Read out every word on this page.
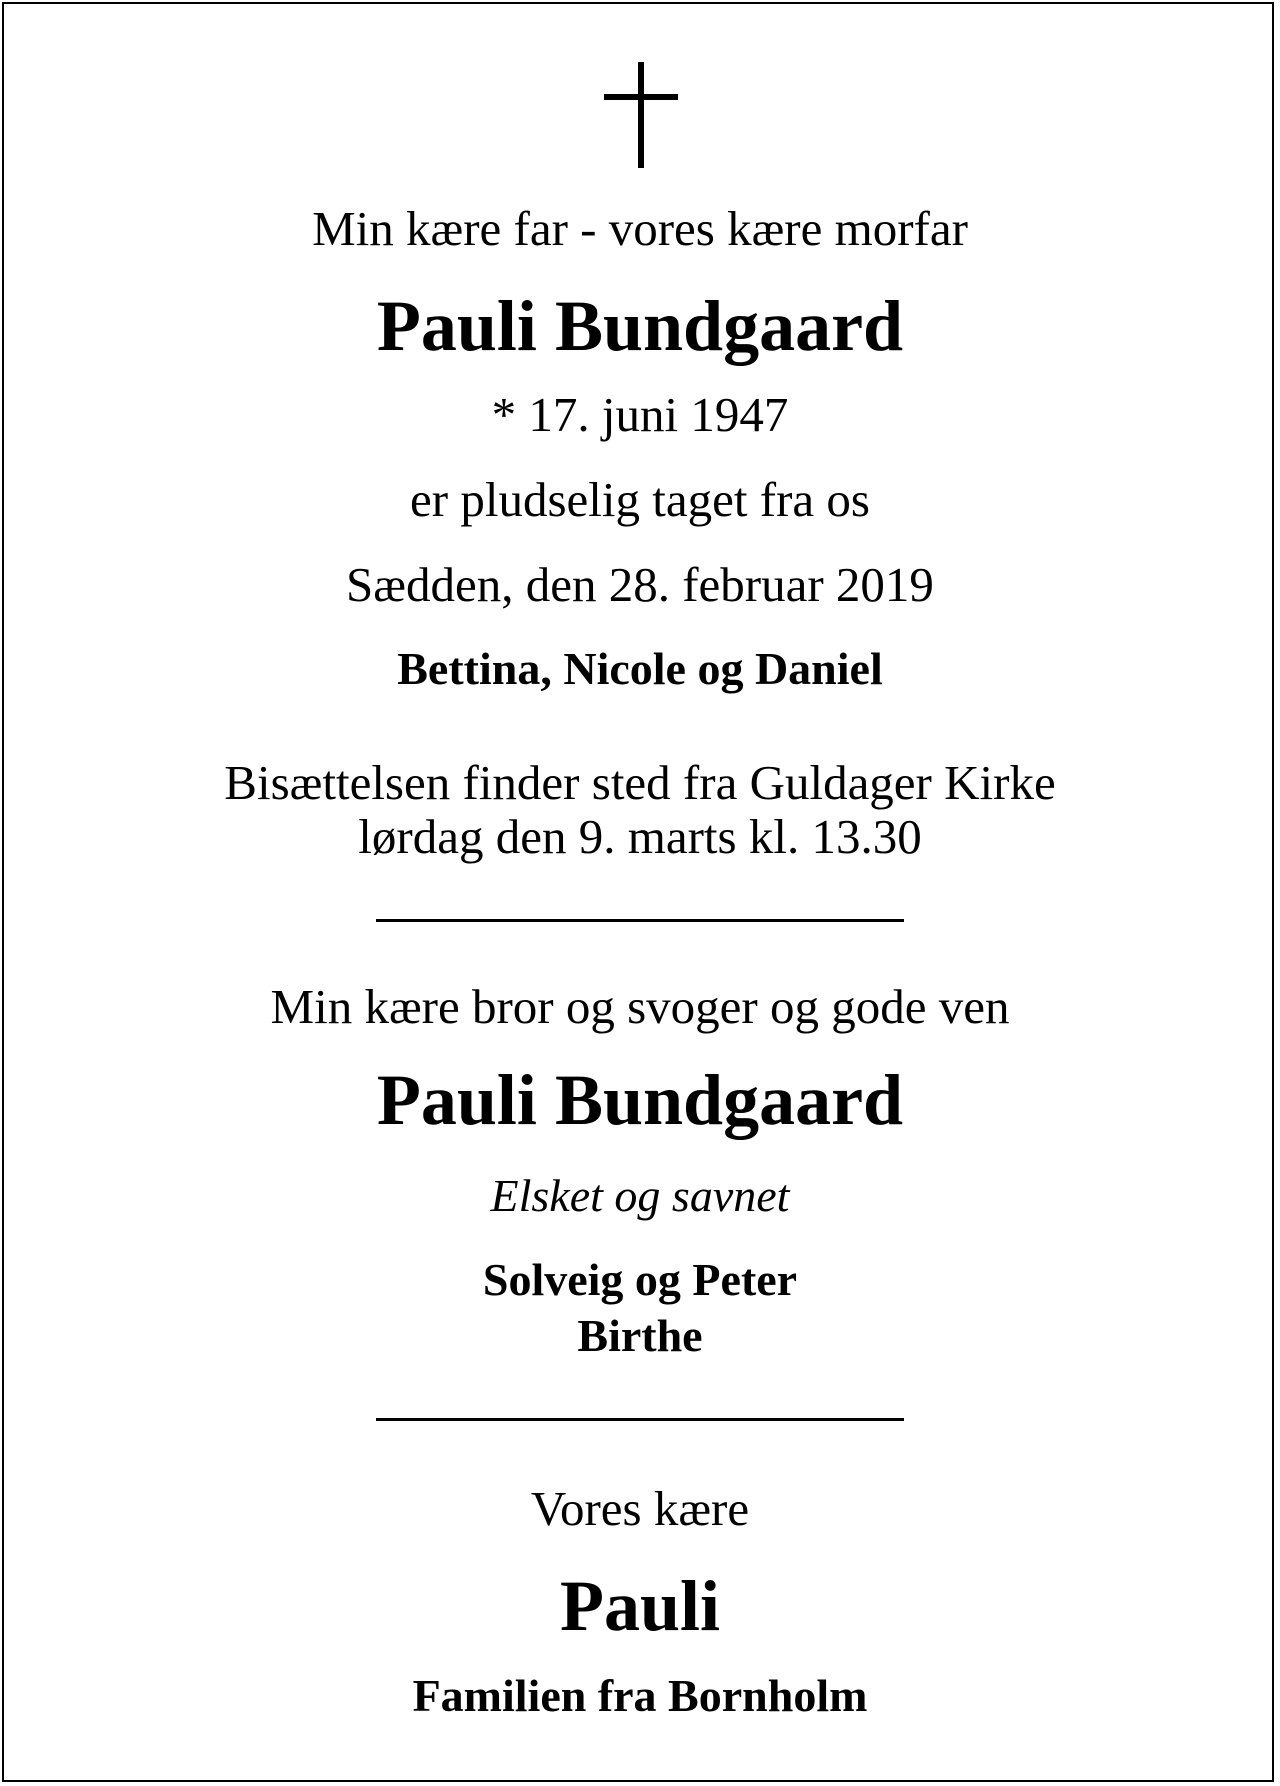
Min kære far - vores kære morfar
Pauli Bundgaard
* 17. juni 1947
er pludselig taget fra os
Sædden, den 28. februar 2019
Bettina, Nicole og Daniel
Bisættelsen finder sted fra Guldager Kirke
lørdag den 9. marts kl. 13.30
Min kære bror og svoger og gode ven
Pauli Bundgaard
Elsket og savnet
Solveig og Peter
Birthe
Vores kære
Pauli
Familien fra Bornholm
